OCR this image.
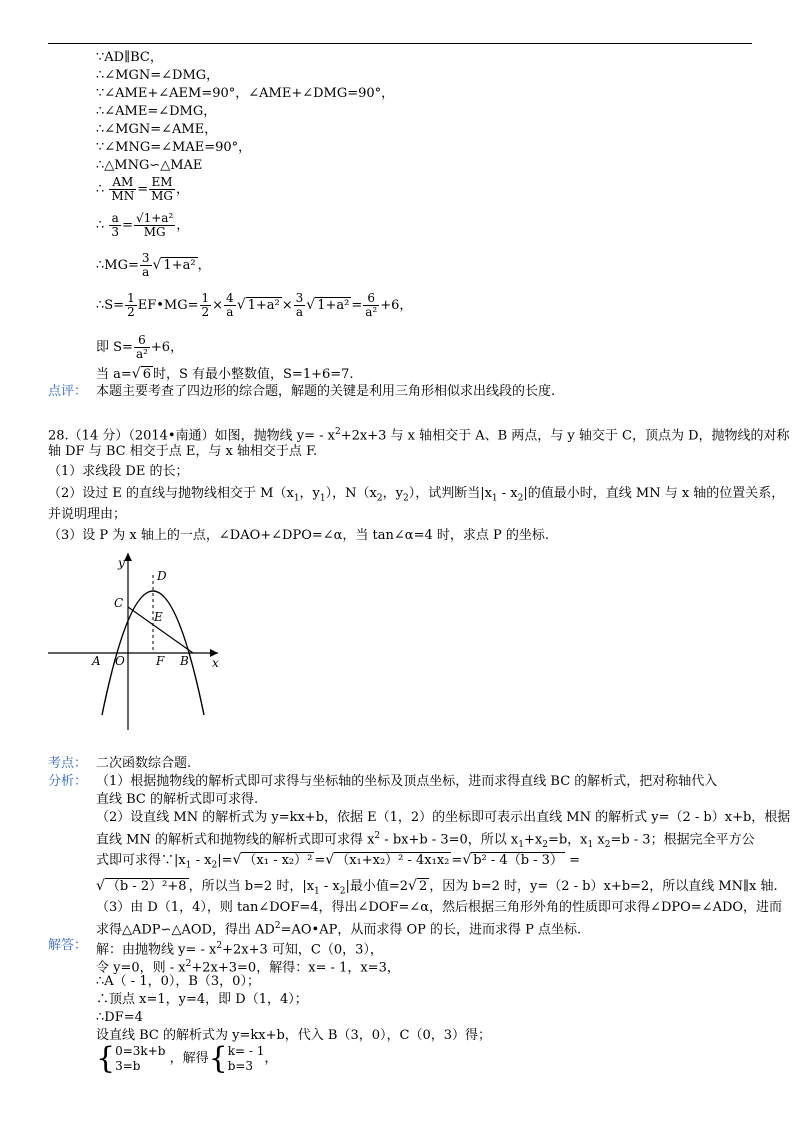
∵AD∥BC，
∴∠MGN=∠DMG，
∵∠AME+∠AEM=90°，∠AME+∠DMG=90°，
∴∠AME=∠DMG，
∴∠MGN=∠AME，
∵∠MNG=∠MAE=90°，
∴△MNG∽△MAE
∴ $\frac{AM}{MN} = \frac{EM}{MG}$ ，
∴ $\frac{a}{3} = \frac{\text{√1+a²}}{MG}$ ，
∴MG= $\frac{3}{a}$ √ 1+a² ，
∴S= $\frac{1}{2}$ EF•MG= $\frac{1}{2} \times \frac{4}{a}$ √ $1+a^2 \times \frac{3}{a}$ √ $1+a^2 = \frac{6}{\text{a²}} +6$，
即 $S= \frac{6}{\text{a²}} +6$，
当 a=√ 6 时，S 有最小整数值，S=1+6=7.
点评： 本题主要考查了四边形的综合题，解题的关键是利用三角形相似求出线段的长度.
28.（14 分）（2014•南通）如图，抛物线 $y= - x^2+2x+3$ 与 x 轴相交于 A、B 两点，与 y 轴交于 C，顶点为 D，抛物线的对称
轴 DF 与 BC 相交于点 E，与 x 轴相交于点 F.
（1）求线段 DE 的长；
（2）设过 E 的直线与抛物线相交于 $M(x_1$，$y_1$），$N(x_2$，$y_2$），试判断当$|x_1 - x_2|$的值最小时，直线 MN 与 x 轴的位置关系，
并说明理由；
（3）设 P 为 x 轴上的一点，∠DAO+∠DPO=∠α，当 tan∠α=4 时，求点 P 的坐标.
y
x
D
C
E
A O	F B
考点： 二次函数综合题.
分析： （1）根据抛物线的解析式即可求得与坐标轴的坐标及顶点坐标，进而求得直线 BC 的解析式，把对称轴代入
直线 BC 的解析式即可求得.
（2）设直线 MN 的解析式为 y=kx+b，依据 E（1，2）的坐标即可表示出直线 MN 的解析式 y=（2 - b）x+b，根据
直线 MN 的解析式和抛物线的解析式即可求得 $x^2 - bx+b - 3=0$，所以 $x_1+x_2=b$，$x_1$ $x_2=b - 3$；根据完全平方公
式即可求得$\because|x_1 - x_2|=√$ （x₁ - x₂）² =√ （x₁+x₂）² - 4x₁x₂ =√ b² - 4（b - 3） =
√ （b - 2）²+8 ，所以当 b=2 时，$|x_1 - x_2|$最小值=2√ 2 ，因为 b=2 时，y=（2 - b）x+b=2，所以直线 MN∥x 轴.
（3）由 D（1，4），则 tan∠DOF=4，得出∠DOF=∠α，然后根据三角形外角的性质即可求得∠DPO=∠ADO，进而
求得△ADP∽△AOD，得出 $AD^2=AO•AP$，从而求得 OP 的长，进而求得 P 点坐标.
解答： 解：由抛物线 $y= - x^2+2x+3$ 可知，C（0，3），
令 y=0，则 - $x^2+2x+3=0$，解得：x= - 1，x=3，
∴A（ - 1，0），B（3，0）；
∴顶点 x=1，y=4，即 D（1，4）；
∴DF=4
设直线 BC 的解析式为 y=kx+b，代入 B（3，0），C（0，3）得；
{ 0=3k+b
3=b	，解得{ k= - 1
b=3 ，
